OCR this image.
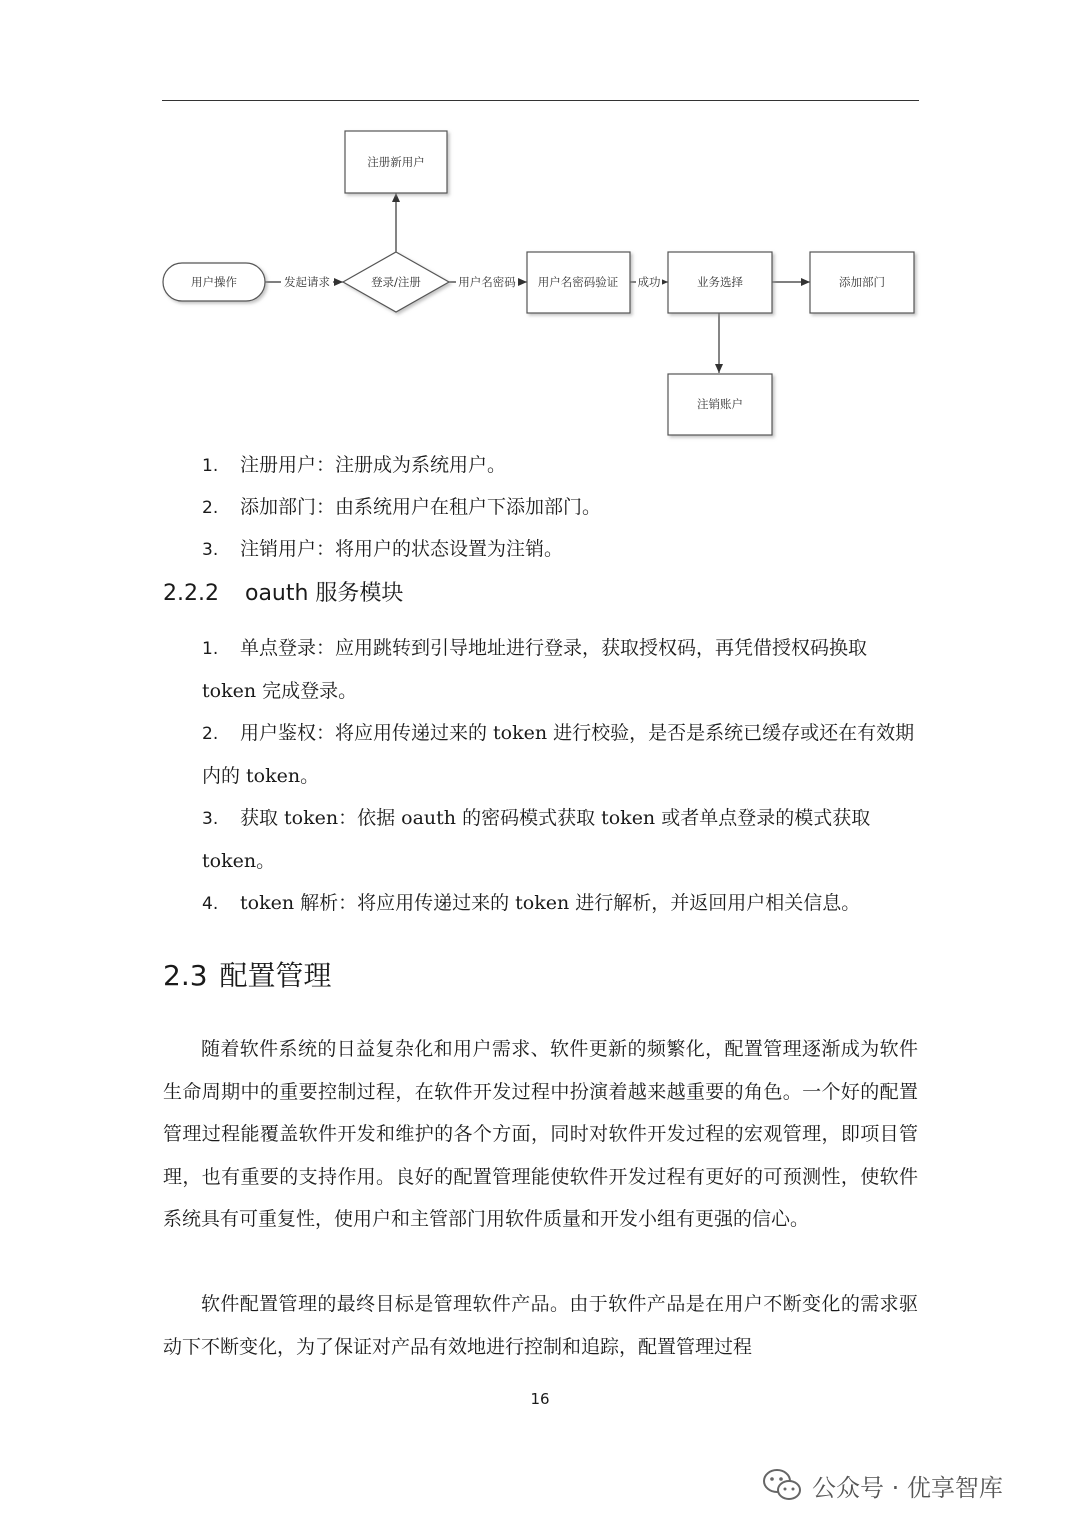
发起请求	用户名密码	成功
用户操作	登录/注册
注册新用户
用户名密码验证	业务选择	添加部门
注销账户
1. 注册用户：注册成为系统用户。
2. 添加部门：由系统用户在租户下添加部门。
3. 注销用户：将用户的状态设置为注销。
2.2.2 oauth 服务模块
1. 单点登录：应用跳转到引导地址进行登录，获取授权码，再凭借授权码换取 token 完成登录。
2. 用户鉴权：将应用传递过来的 token 进行校验，是否是系统已缓存或还在有效期内的 token。
3. 获取 token：依据 oauth 的密码模式获取 token 或者单点登录的模式获取 token。
4. token 解析：将应用传递过来的 token 进行解析，并返回用户相关信息。
2.3 配置管理

随着软件系统的日益复杂化和用户需求、软件更新的频繁化，配置管理逐渐成为软件生命周期中的重要控制过程，在软件开发过程中扮演着越来越重要的角色。一个好的配置管理过程能覆盖软件开发和维护的各个方面，同时对软件开发过程的宏观管理，即项目管理，也有重要的支持作用。良好的配置管理能使软件开发过程有更好的可预测性，使软件系统具有可重复性，使用户和主管部门用软件质量和开发小组有更强的信心。

软件配置管理的最终目标是管理软件产品。由于软件产品是在用户不断变化的需求驱动下不断变化，为了保证对产品有效地进行控制和追踪，配置管理过程

16
公众号 · 优享智库
